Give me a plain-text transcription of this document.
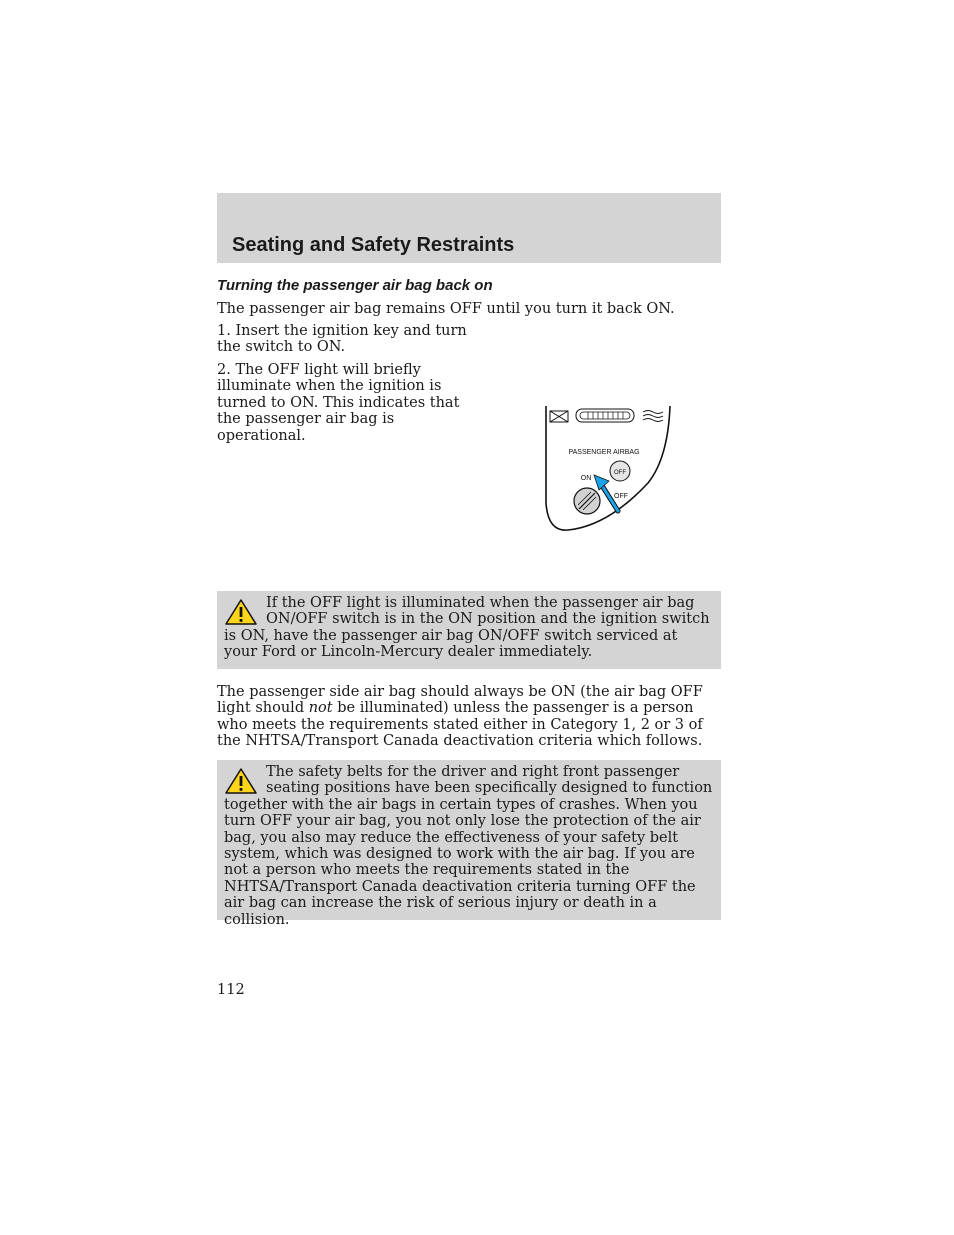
Seating and Safety Restraints
Turning the passenger air bag back on

The passenger air bag remains OFF until you turn it back ON.

1. Insert the ignition key and turn the switch to ON.

2. The OFF light will briefly illuminate when the ignition is turned to ON. This indicates that the passenger air bag is operational.

PASSENGER AIRBAG
OFF
ON
OFF

If the OFF light is illuminated when the passenger air bag ON/OFF switch is in the ON position and the ignition switch is ON, have the passenger air bag ON/OFF switch serviced at your Ford or Lincoln-Mercury dealer immediately.

The passenger side air bag should always be ON (the air bag OFF light should not be illuminated) unless the passenger is a person who meets the requirements stated either in Category 1, 2 or 3 of the NHTSA/Transport Canada deactivation criteria which follows.

The safety belts for the driver and right front passenger seating positions have been specifically designed to function together with the air bags in certain types of crashes. When you turn OFF your air bag, you not only lose the protection of the air bag, you also may reduce the effectiveness of your safety belt system, which was designed to work with the air bag. If you are not a person who meets the requirements stated in the NHTSA/Transport Canada deactivation criteria turning OFF the air bag can increase the risk of serious injury or death in a collision.

112
